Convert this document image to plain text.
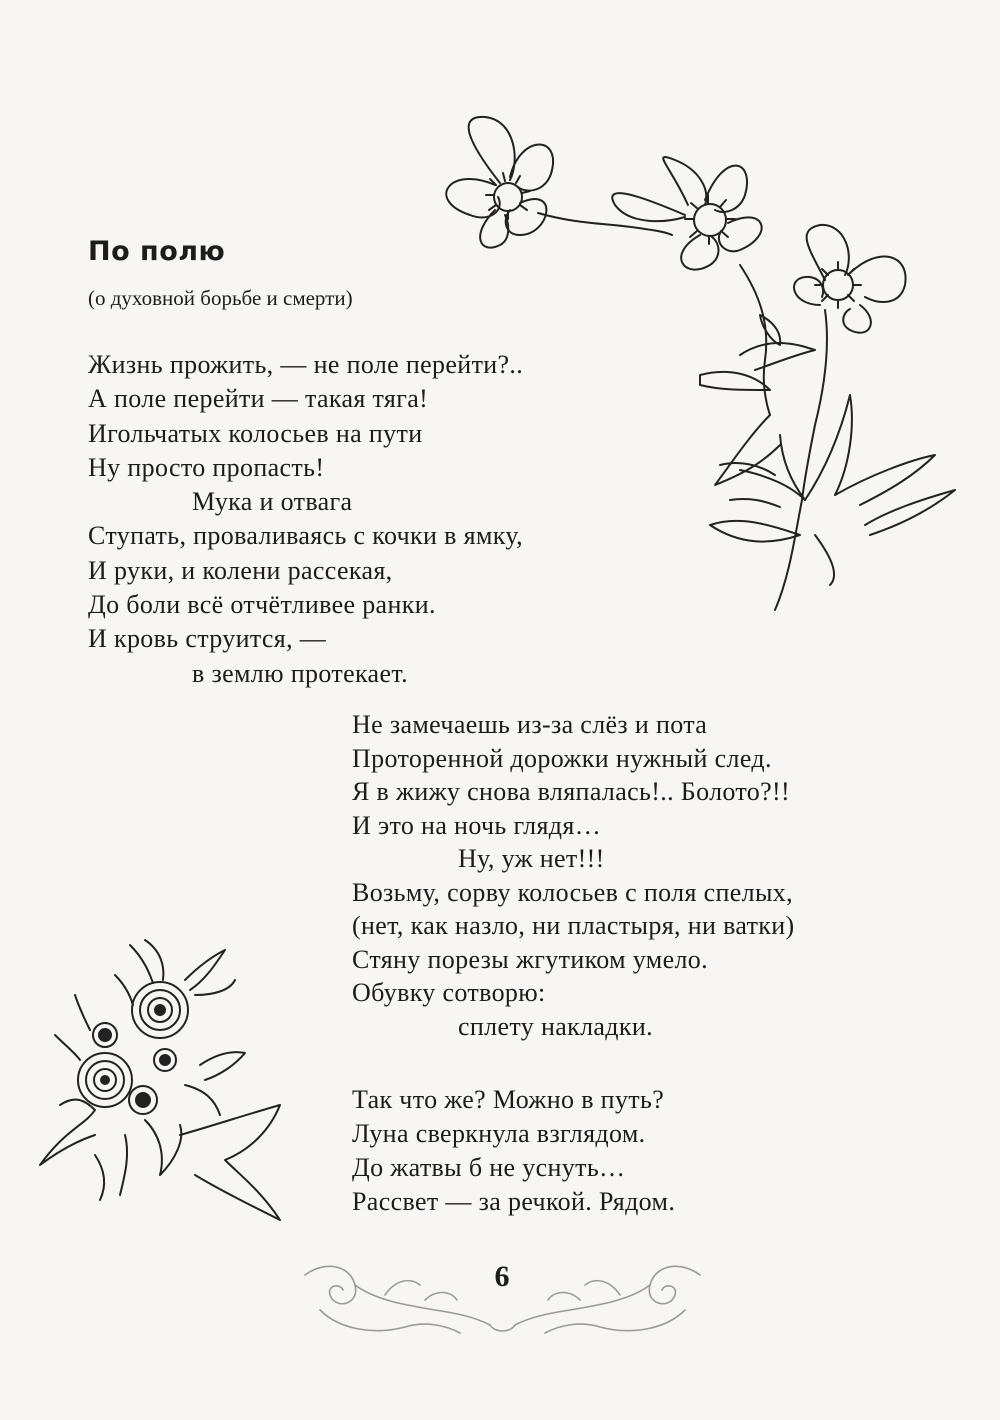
По полю

(о духовной борьбе и смерти)

Жизнь прожить, — не поле перейти?..
А поле перейти — такая тяга!
Игольчатых колосьев на пути
Ну просто пропасть!
Мука и отвага
Ступать, проваливаясь с кочки в ямку,
И руки, и колени рассекая,
До боли всё отчётливее ранки.
И кровь струится, —
в землю протекает.
Не замечаешь из-за слёз и пота
Протоpенной дорожки нужный след.
Я в жижу снова вляпалась!.. Болото?!!
И это на ночь глядя…
Ну, уж нет!!!
Возьму, сорву колосьев с поля спелых,
(нет, как назло, ни пластыря, ни ватки)
Стяну порезы жгутиком умело.
Обувку сотворю:
сплету накладки.
Так что же? Можно в путь?
Луна сверкнула взглядом.
До жатвы б не уснуть…
Рассвет — за речкой. Рядом.

6
